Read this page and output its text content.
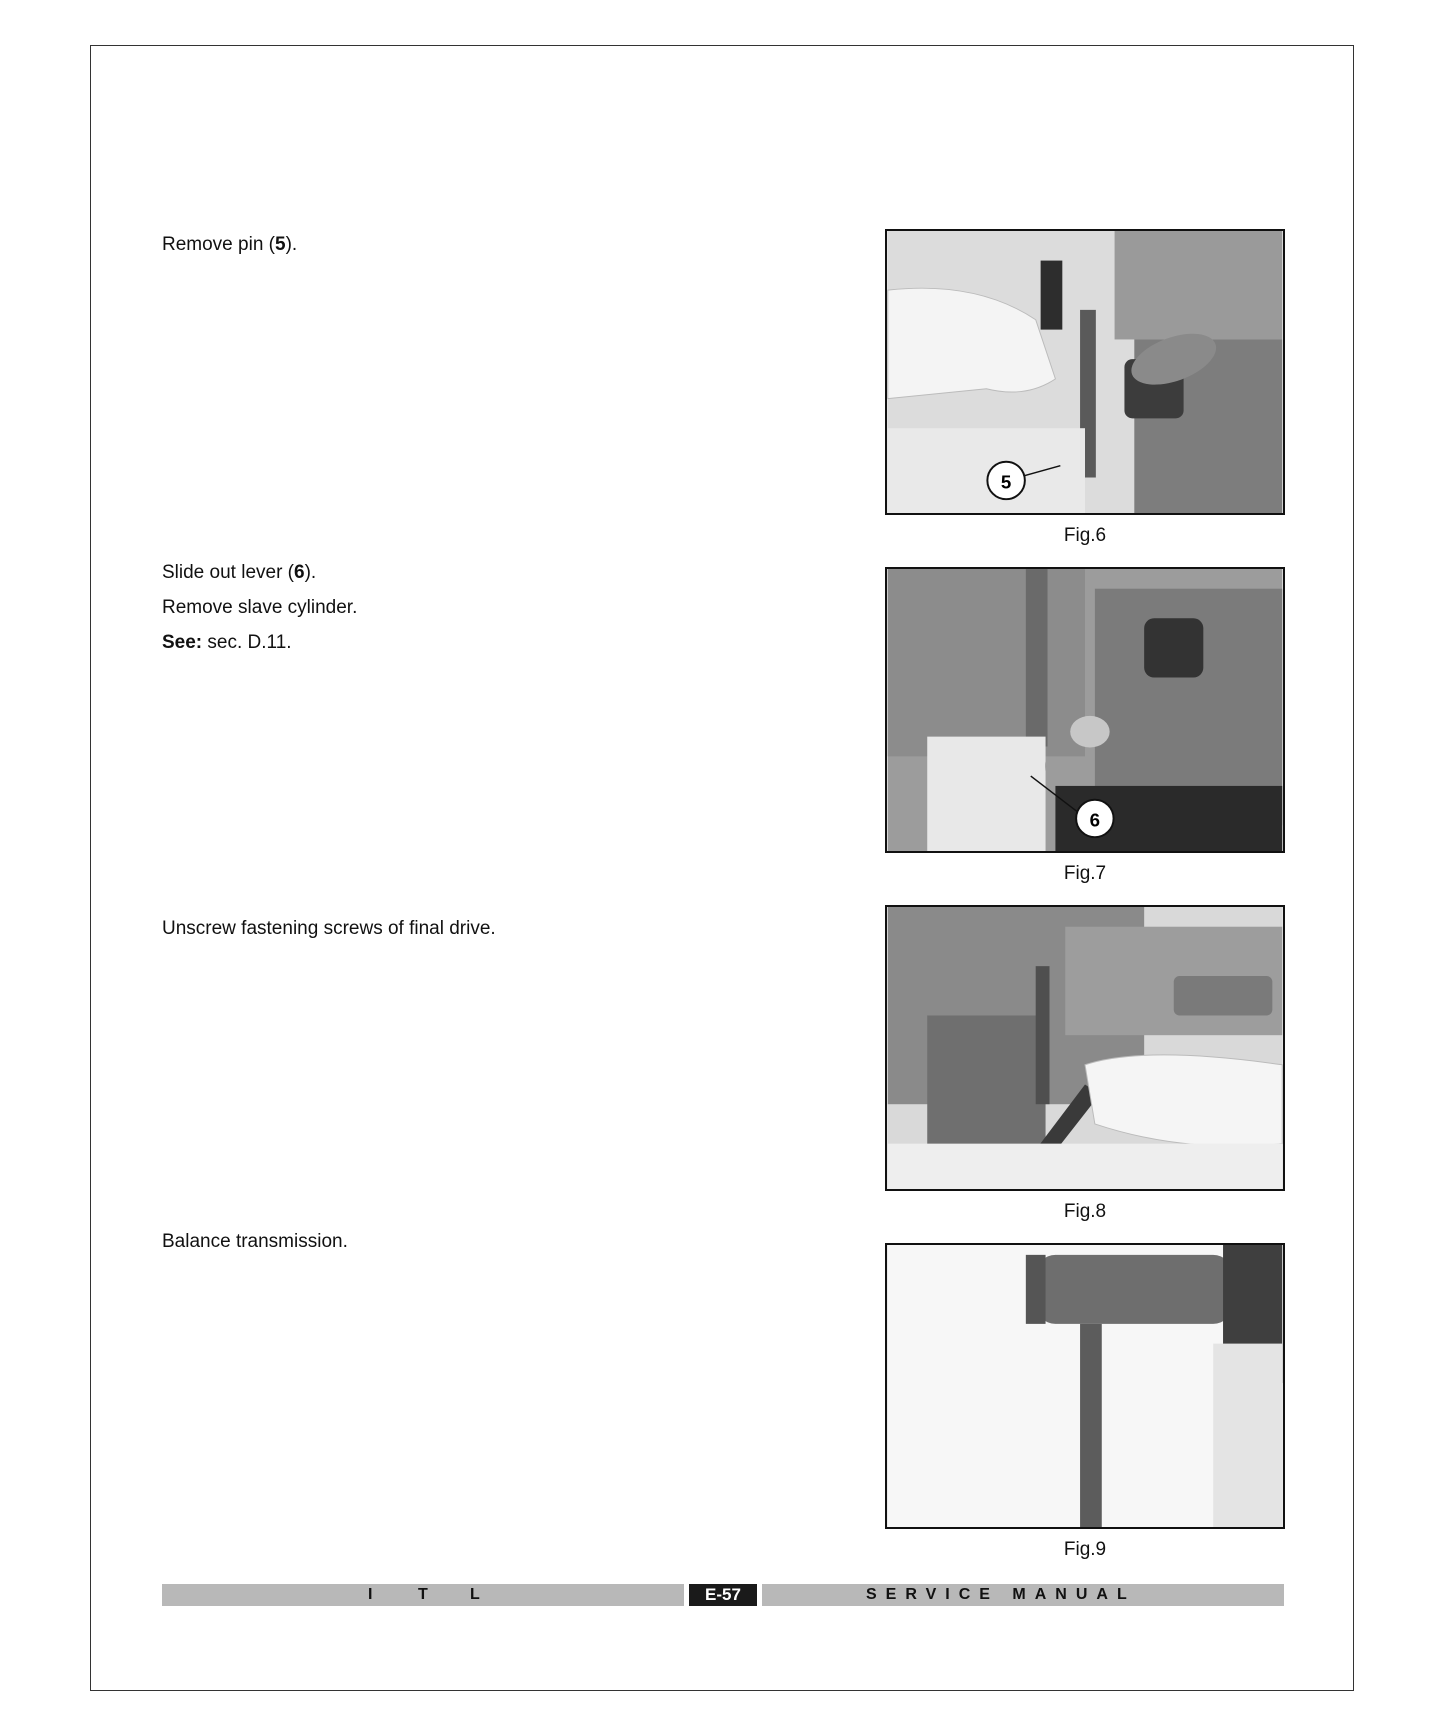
Remove pin (5).

Slide out lever (6).

Remove slave cylinder.

See: sec. D.11.

Unscrew fastening screws of final drive.

Balance transmission.

5
Fig.6
6
Fig.7
Fig.8
Fig.9
I	T	L	E-57	SERVICE MANUAL
